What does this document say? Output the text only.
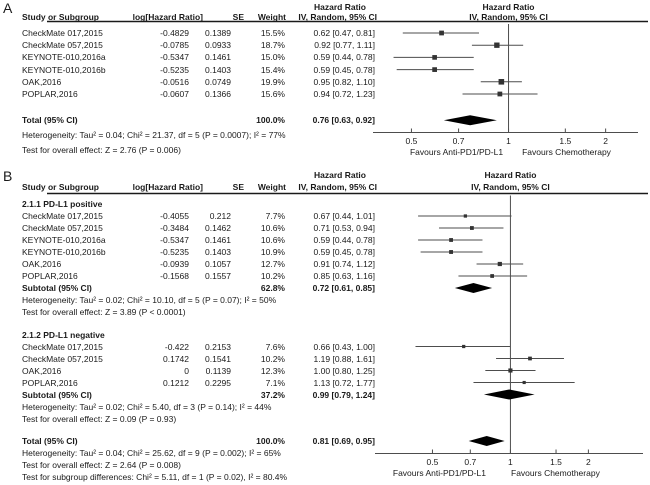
A
Study or Subgroup	log[Hazard Ratio]	SE Weight IV, Random, 95% CI
Hazard Ratio	Hazard Ratio
IV, Random, 95% CI
0.5	0.7	1	1.5	2
Favours Anti-PD1/PD-L1	Favours Chemotherapy
CheckMate 017,2015	-0.4829 0.1389	15.5%	0.62 [0.47, 0.81]
CheckMate 057,2015	-0.0785 0.0933	18.7%	0.92 [0.77, 1.11]
KEYNOTE-010,2016a	-0.5347 0.1461	15.0%	0.59 [0.44, 0.78]
KEYNOTE-010,2016b	-0.5235 0.1403	15.4%	0.59 [0.45, 0.78]
OAK,2016	-0.0516 0.0749	19.9%	0.95 [0.82, 1.10]
POPLAR,2016	-0.0607 0.1366	15.6%	0.94 [0.72, 1.23]
Total (95% CI)	100.0%	0.76 [0.63, 0.92]
Heterogeneity: Tau² = 0.04; Chi² = 21.37, df = 5 (P = 0.0007); I² = 77%
Test for overall effect: Z = 2.76 (P = 0.006)
B
Study or Subgroup	log[Hazard Ratio]	SE Weight IV, Random, 95% CI
Hazard Ratio	Hazard Ratio
IV, Random, 95% CI
0.5	0.7	1	1.5	2
Favours Anti-PD1/PD-L1	Favours Chemotherapy
2.1.1 PD-L1 positive
CheckMate 017,2015	-0.4055 0.212	7.7%	0.67 [0.44, 1.01]
CheckMate 057,2015	-0.3484 0.1462	10.6%	0.71 [0.53, 0.94]
KEYNOTE-010,2016a	-0.5347 0.1461	10.6%	0.59 [0.44, 0.78]
KEYNOTE-010,2016b	-0.5235 0.1403	10.9%	0.59 [0.45, 0.78]
OAK,2016	-0.0939 0.1057	12.7%	0.91 [0.74, 1.12]
POPLAR,2016	-0.1568 0.1557	10.2%	0.85 [0.63, 1.16]
Subtotal (95% CI)	62.8%	0.72 [0.61, 0.85]
Heterogeneity: Tau² = 0.02; Chi² = 10.10, df = 5 (P = 0.07); I² = 50%
Test for overall effect: Z = 3.89 (P < 0.0001)
2.1.2 PD-L1 negative
CheckMate 017,2015	-0.422 0.2153	7.6%	0.66 [0.43, 1.00]
CheckMate 057,2015	0.1742 0.1541	10.2%	1.19 [0.88, 1.61]
OAK,2016	0 0.1139	12.3%	1.00 [0.80, 1.25]
POPLAR,2016	0.1212 0.2295	7.1%	1.13 [0.72, 1.77]
Subtotal (95% CI)	37.2%	0.99 [0.79, 1.24]
Heterogeneity: Tau² = 0.02; Chi² = 5.40, df = 3 (P = 0.14); I² = 44%
Test for overall effect: Z = 0.09 (P = 0.93)
Total (95% CI)	100.0%	0.81 [0.69, 0.95]
Heterogeneity: Tau² = 0.04; Chi² = 25.62, df = 9 (P = 0.002); I² = 65%
Test for overall effect: Z = 2.64 (P = 0.008)
Test for subgroup differences: Chi² = 5.11, df = 1 (P = 0.02), I² = 80.4%
